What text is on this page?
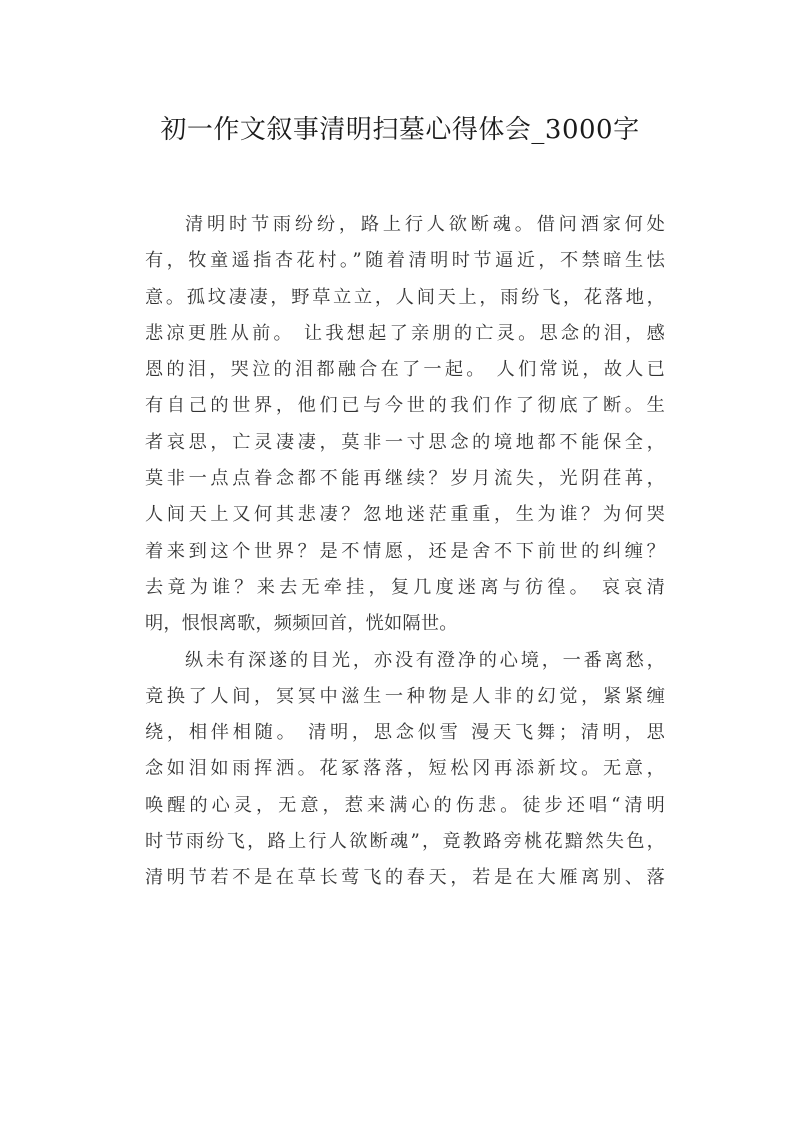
初一作文叙事清明扫墓心得体会_3000字
清明时节雨纷纷，路上行人欲断魂。借问酒家何处
有，牧童遥指杏花村。”随着清明时节逼近，不禁暗生怯
意。孤坟凄凄，野草立立，人间天上，雨纷飞，花落地，
悲凉更胜从前。 让我想起了亲朋的亡灵。思念的泪，感
恩的泪，哭泣的泪都融合在了一起。 人们常说，故人已
有自己的世界，他们已与今世的我们作了彻底了断。生
者哀思，亡灵凄凄，莫非一寸思念的境地都不能保全，
莫非一点点眷念都不能再继续？岁月流失，光阴荏苒，
人间天上又何其悲凄？忽地迷茫重重，生为谁？为何哭
着来到这个世界？是不情愿，还是舍不下前世的纠缠？
去竟为谁？来去无牵挂，复几度迷离与彷徨。 哀哀清
明，恨恨离歌，频频回首，恍如隔世。
纵未有深遂的目光，亦没有澄净的心境，一番离愁，
竟换了人间，冥冥中滋生一种物是人非的幻觉，紧紧缠
绕，相伴相随。 清明，思念似雪 漫天飞舞；清明，思
念如泪如雨挥洒。花冢落落，短松冈再添新坟。无意，
唤醒的心灵，无意，惹来满心的伤悲。徒步还唱“清明
时节雨纷飞，路上行人欲断魂”，竟教路旁桃花黯然失色，
清明节若不是在草长莺飞的春天，若是在大雁离别、落
